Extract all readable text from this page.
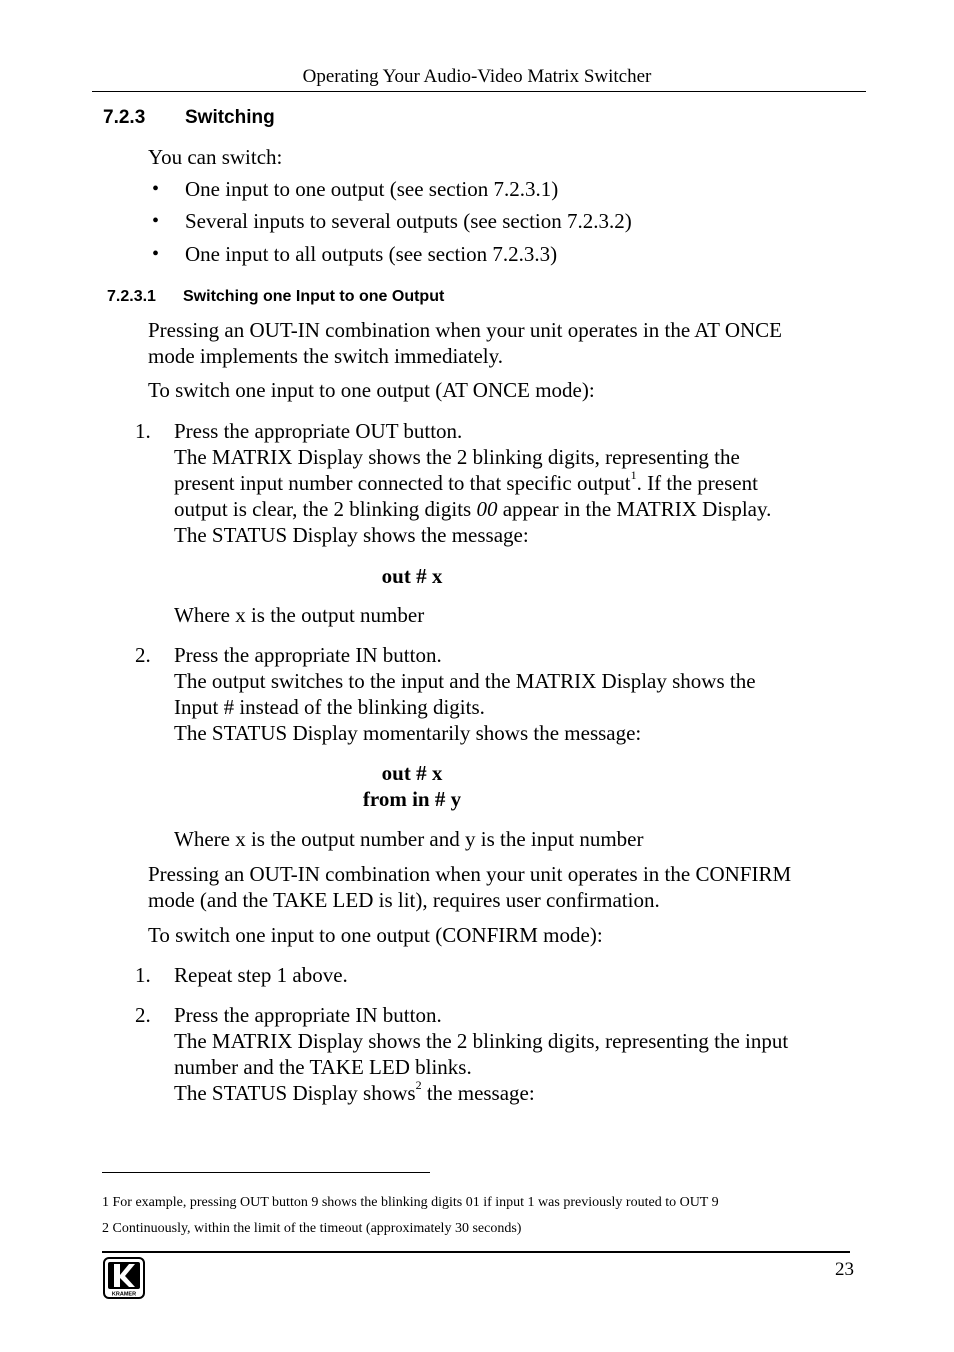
Operating Your Audio-Video Matrix Switcher
7.2.3 Switching
You can switch:
• One input to one output (see section 7.2.3.1)
• Several inputs to several outputs (see section 7.2.3.2)
• One input to all outputs (see section 7.2.3.3)
7.2.3.1 Switching one Input to one Output
Pressing an OUT-IN combination when your unit operates in the AT ONCE
mode implements the switch immediately.
To switch one input to one output (AT ONCE mode):
1. Press the appropriate OUT button.
The MATRIX Display shows the 2 blinking digits, representing the
present input number connected to that specific output$^1$. If the present
output is clear, the 2 blinking digits 00 appear in the MATRIX Display.
The STATUS Display shows the message:
out # x
Where x is the output number
2. Press the appropriate IN button.
The output switches to the input and the MATRIX Display shows the
Input # instead of the blinking digits.
The STATUS Display momentarily shows the message:
out # x
from in # y
Where x is the output number and y is the input number
Pressing an OUT-IN combination when your unit operates in the CONFIRM
mode (and the TAKE LED is lit), requires user confirmation.
To switch one input to one output (CONFIRM mode):
1. Repeat step 1 above.
2. Press the appropriate IN button.
The MATRIX Display shows the 2 blinking digits, representing the input
number and the TAKE LED blinks.
The STATUS Display shows$^2$ the message:
1 For example, pressing OUT button 9 shows the blinking digits 01 if input 1 was previously routed to OUT 9
2 Continuously, within the limit of the timeout (approximately 30 seconds)
23
KRAMER
